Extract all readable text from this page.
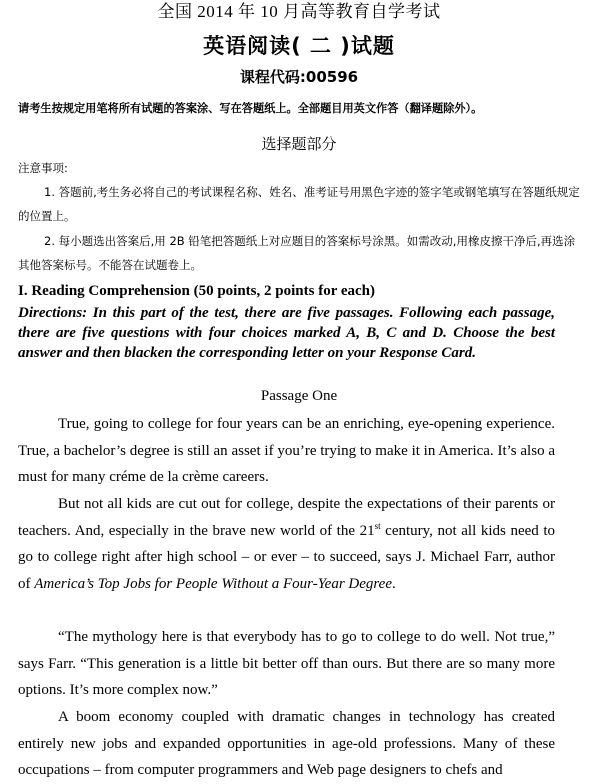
全国 2014 年 10 月高等教育自学考试
英语阅读( 二 )试题
课程代码:00596
请考生按规定用笔将所有试题的答案涂、写在答题纸上。全部题目用英文作答（翻译题除外）。
选择题部分
注意事项:
1. 答题前,考生务必将自己的考试课程名称、姓名、准考证号用黑色字迹的签字笔或钢笔填写在答题纸规定的位置上。
2. 每小题选出答案后,用 2B 铅笔把答题纸上对应题目的答案标号涂黑。如需改动,用橡皮擦干净后,再选涂其他答案标号。不能答在试题卷上。
I. Reading Comprehension (50 points, 2 points for each)
Directions: In this part of the test, there are five passages. Following each passage, there are five questions with four choices marked A, B, C and D. Choose the best answer and then blacken the corresponding letter on your Response Card.
Passage One
True, going to college for four years can be an enriching, eye-opening experience. True, a bachelor’s degree is still an asset if you’re trying to make it in America. It’s also a must for many créme de la crème careers.
But not all kids are cut out for college, despite the expectations of their parents or teachers. And, especially in the brave new world of the 21st century, not all kids need to go to college right after high school – or ever – to succeed, says J. Michael Farr, author of America’s Top Jobs for People Without a Four-Year Degree.
“The mythology here is that everybody has to go to college to do well. Not true,” says Farr. “This generation is a little bit better off than ours. But there are so many more options. It’s more complex now.”
A boom economy coupled with dramatic changes in technology has created entirely new jobs and expanded opportunities in age-old professions. Many of these occupations – from computer programmers and Web page designers to chefs and
